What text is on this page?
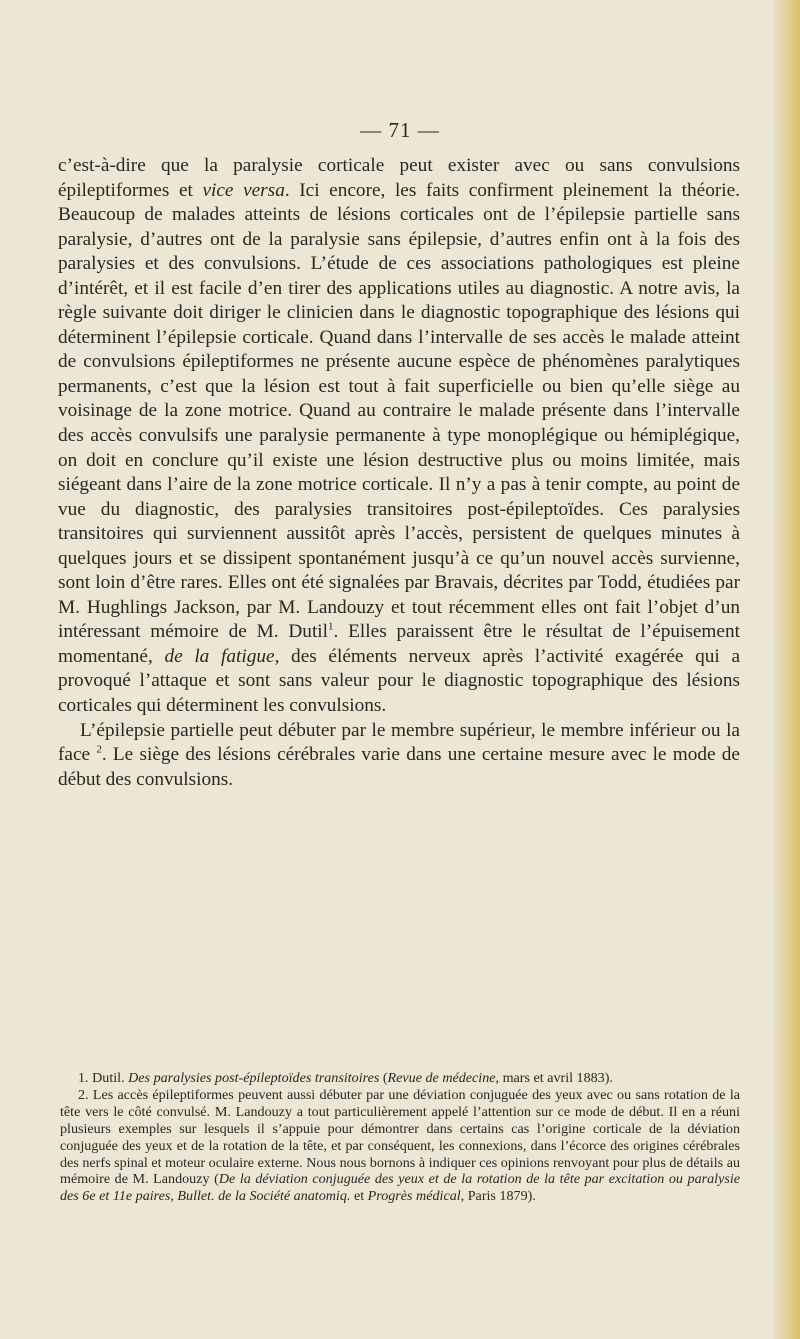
— 71 —

c’est-à-dire que la paralysie corticale peut exister avec ou sans convulsions épileptiformes et vice versa. Ici encore, les faits confirment pleinement la théorie. Beaucoup de malades atteints de lésions corticales ont de l’épilepsie partielle sans paralysie, d’autres ont de la paralysie sans épilepsie, d’autres enfin ont à la fois des paralysies et des convulsions. L’étude de ces associations pathologiques est pleine d’intérêt, et il est facile d’en tirer des applications utiles au diagnostic. A notre avis, la règle suivante doit diriger le clinicien dans le diagnostic topographique des lésions qui déterminent l’épilepsie corticale. Quand dans l’intervalle de ses accès le malade atteint de convulsions épileptiformes ne présente aucune espèce de phénomènes paralytiques permanents, c’est que la lésion est tout à fait superficielle ou bien qu’elle siège au voisinage de la zone motrice. Quand au contraire le malade présente dans l’intervalle des accès convulsifs une paralysie permanente à type monoplégique ou hémiplégique, on doit en conclure qu’il existe une lésion destructive plus ou moins limitée, mais siégeant dans l’aire de la zone motrice corticale. Il n’y a pas à tenir compte, au point de vue du diagnostic, des paralysies transitoires post-épileptoïdes. Ces paralysies transitoires qui surviennent aussitôt après l’accès, persistent de quelques minutes à quelques jours et se dissipent spontanément jusqu’à ce qu’un nouvel accès survienne, sont loin d’être rares. Elles ont été signalées par Bravais, décrites par Todd, étudiées par M. Hughlings Jackson, par M. Landouzy et tout récemment elles ont fait l’objet d’un intéressant mémoire de M. Dutil$^1$. Elles paraissent être le résultat de l’épuisement momentané, de la fatigue, des éléments nerveux après l’activité exagérée qui a provoqué l’attaque et sont sans valeur pour le diagnostic topographique des lésions corticales qui déterminent les convulsions.

L’épilepsie partielle peut débuter par le membre supérieur, le membre inférieur ou la face $^2$. Le siège des lésions cérébrales varie dans une certaine mesure avec le mode de début des convulsions.

1. Dutil. Des paralysies post-épileptoïdes transitoires (Revue de médecine, mars et avril 1883).

2. Les accès épileptiformes peuvent aussi débuter par une déviation conjuguée des yeux avec ou sans rotation de la tête vers le côté convulsé. M. Landouzy a tout particulièrement appelé l’attention sur ce mode de début. Il en a réuni plusieurs exemples sur lesquels il s’appuie pour démontrer dans certains cas l’origine corticale de la déviation conjuguée des yeux et de la rotation de la tête, et par conséquent, les connexions, dans l’écorce des origines cérébrales des nerfs spinal et moteur oculaire externe. Nous nous bornons à indiquer ces opinions renvoyant pour plus de détails au mémoire de M. Landouzy (De la déviation conjuguée des yeux et de la rotation de la tête par excitation ou paralysie des 6e et 11e paires, Bullet. de la Société anatomiq. et Progrès médical, Paris 1879).
